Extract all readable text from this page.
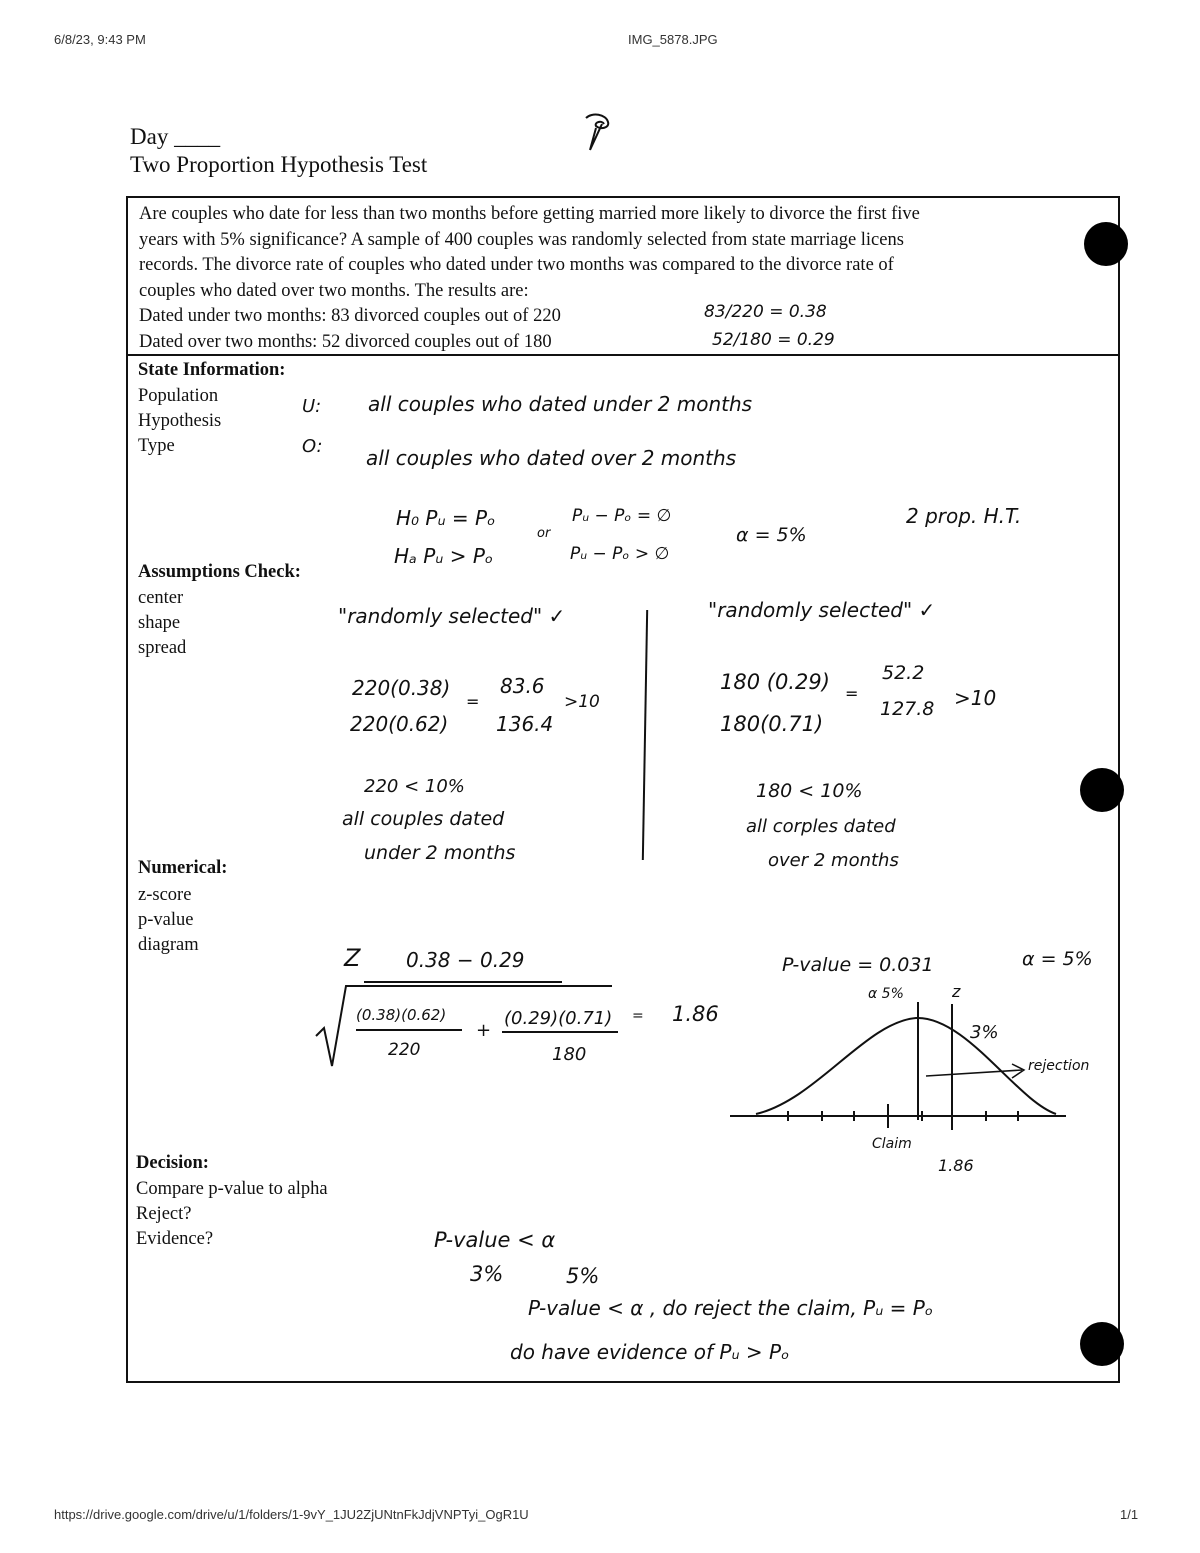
6/8/23, 9:43 PM	IMG_5878.JPG
https://drive.google.com/drive/u/1/folders/1-9vY_1JU2ZjUNtnFkJdjVNPTyi_OgR1U	1/1
Day ____
Two Proportion Hypothesis Test
Are couples who date for less than two months before getting married more likely to divorce the first five
years with 5% significance? A sample of 400 couples was randomly selected from state marriage licens
records. The divorce rate of couples who dated under two months was compared to the divorce rate of
couples who dated over two months. The results are:
Dated under two months: 83 divorced couples out of 220
Dated over two months: 52 divorced couples out of 180
State Information:
Population
Hypothesis
Type
Assumptions Check:
center
shape
spread
Numerical:
z-score
p-value
diagram
Decision:
Compare p-value to alpha
Reject?
Evidence?
83/220 = 0.38
52/180 = 0.29
U: all couples who dated under 2 months
O: all couples who dated over 2 months
H₀ Pᵤ = Pₒ
Hₐ Pᵤ > Pₒ
or
Pᵤ − Pₒ = ∅
Pᵤ − Pₒ > ∅
α = 5%
2 prop. H.T.
"randomly selected" ✓	"randomly selected" ✓
220(0.38)
220(0.62)
=
83.6
136.4
>10
180 (0.29)
180(0.71)
=
52.2
127.8 >10
220 < 10%
all couples dated
under 2 months
180 < 10%
all corples dated
over 2 months
Z 0.38 − 0.29
(0.38)(0.62)
220
+
(0.29)(0.71)
180
= 1.86
P-value = 0.031	α = 5%
α 5%	z
3%
rejection
Claim
1.86
P-value < α
3%	5%
P-value < α , do reject the claim, Pᵤ = Pₒ
do have evidence of Pᵤ > Pₒ
